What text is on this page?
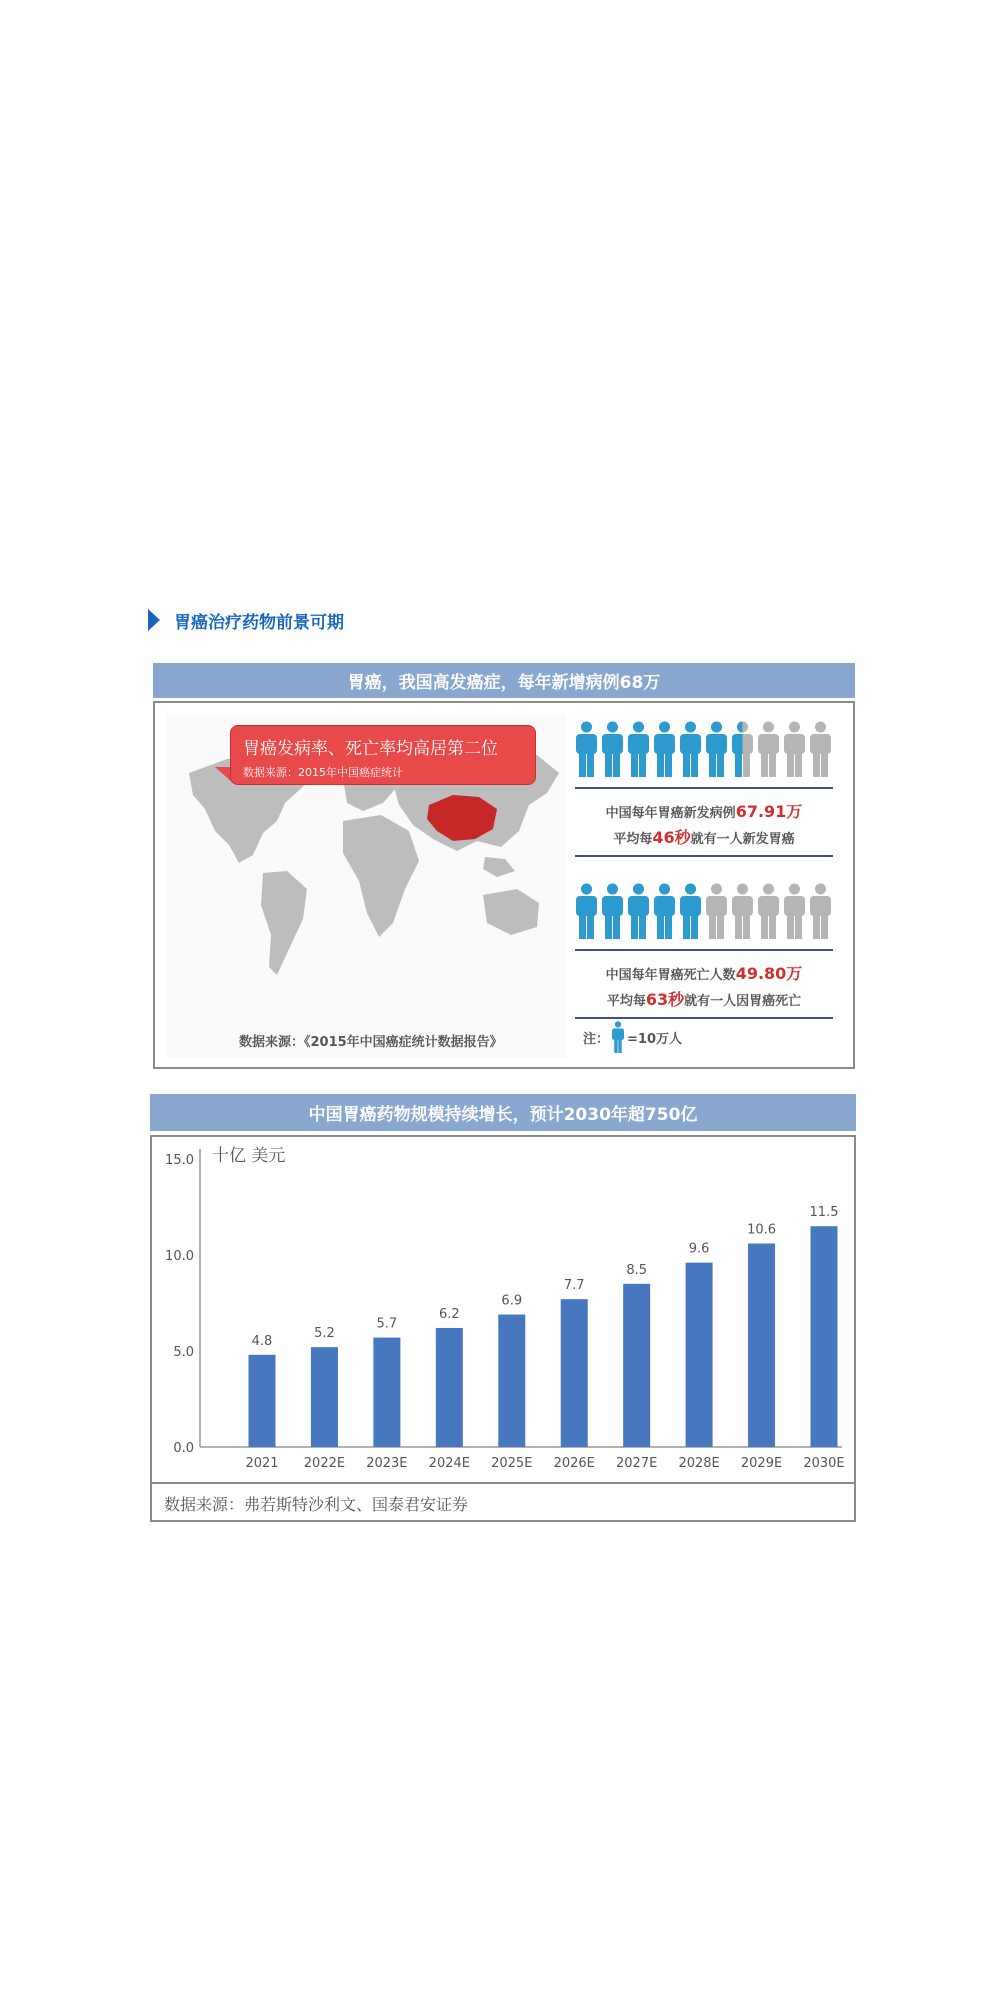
胃癌治疗药物前景可期
胃癌，我国高发癌症，每年新增病例68万
胃癌发病率、死亡率均高居第二位
数据来源：2015年中国癌症统计
数据来源：《2015年中国癌症统计数据报告》
中国每年胃癌新发病例67.91万
平均每46秒就有一人新发胃癌
中国每年胃癌死亡人数49.80万
平均每63秒就有一人因胃癌死亡
注： =10万人
中国胃癌药物规模持续增长，预计2030年超750亿
十亿 美元
0.0
5.0
10.0
15.0
4.8
2021
5.2
2022E
5.7
2023E
6.2
2024E
6.9
2025E
7.7
2026E
8.5
2027E
9.6
2028E
10.6
2029E
11.5
2030E
数据来源：弗若斯特沙利文、国泰君安证券
